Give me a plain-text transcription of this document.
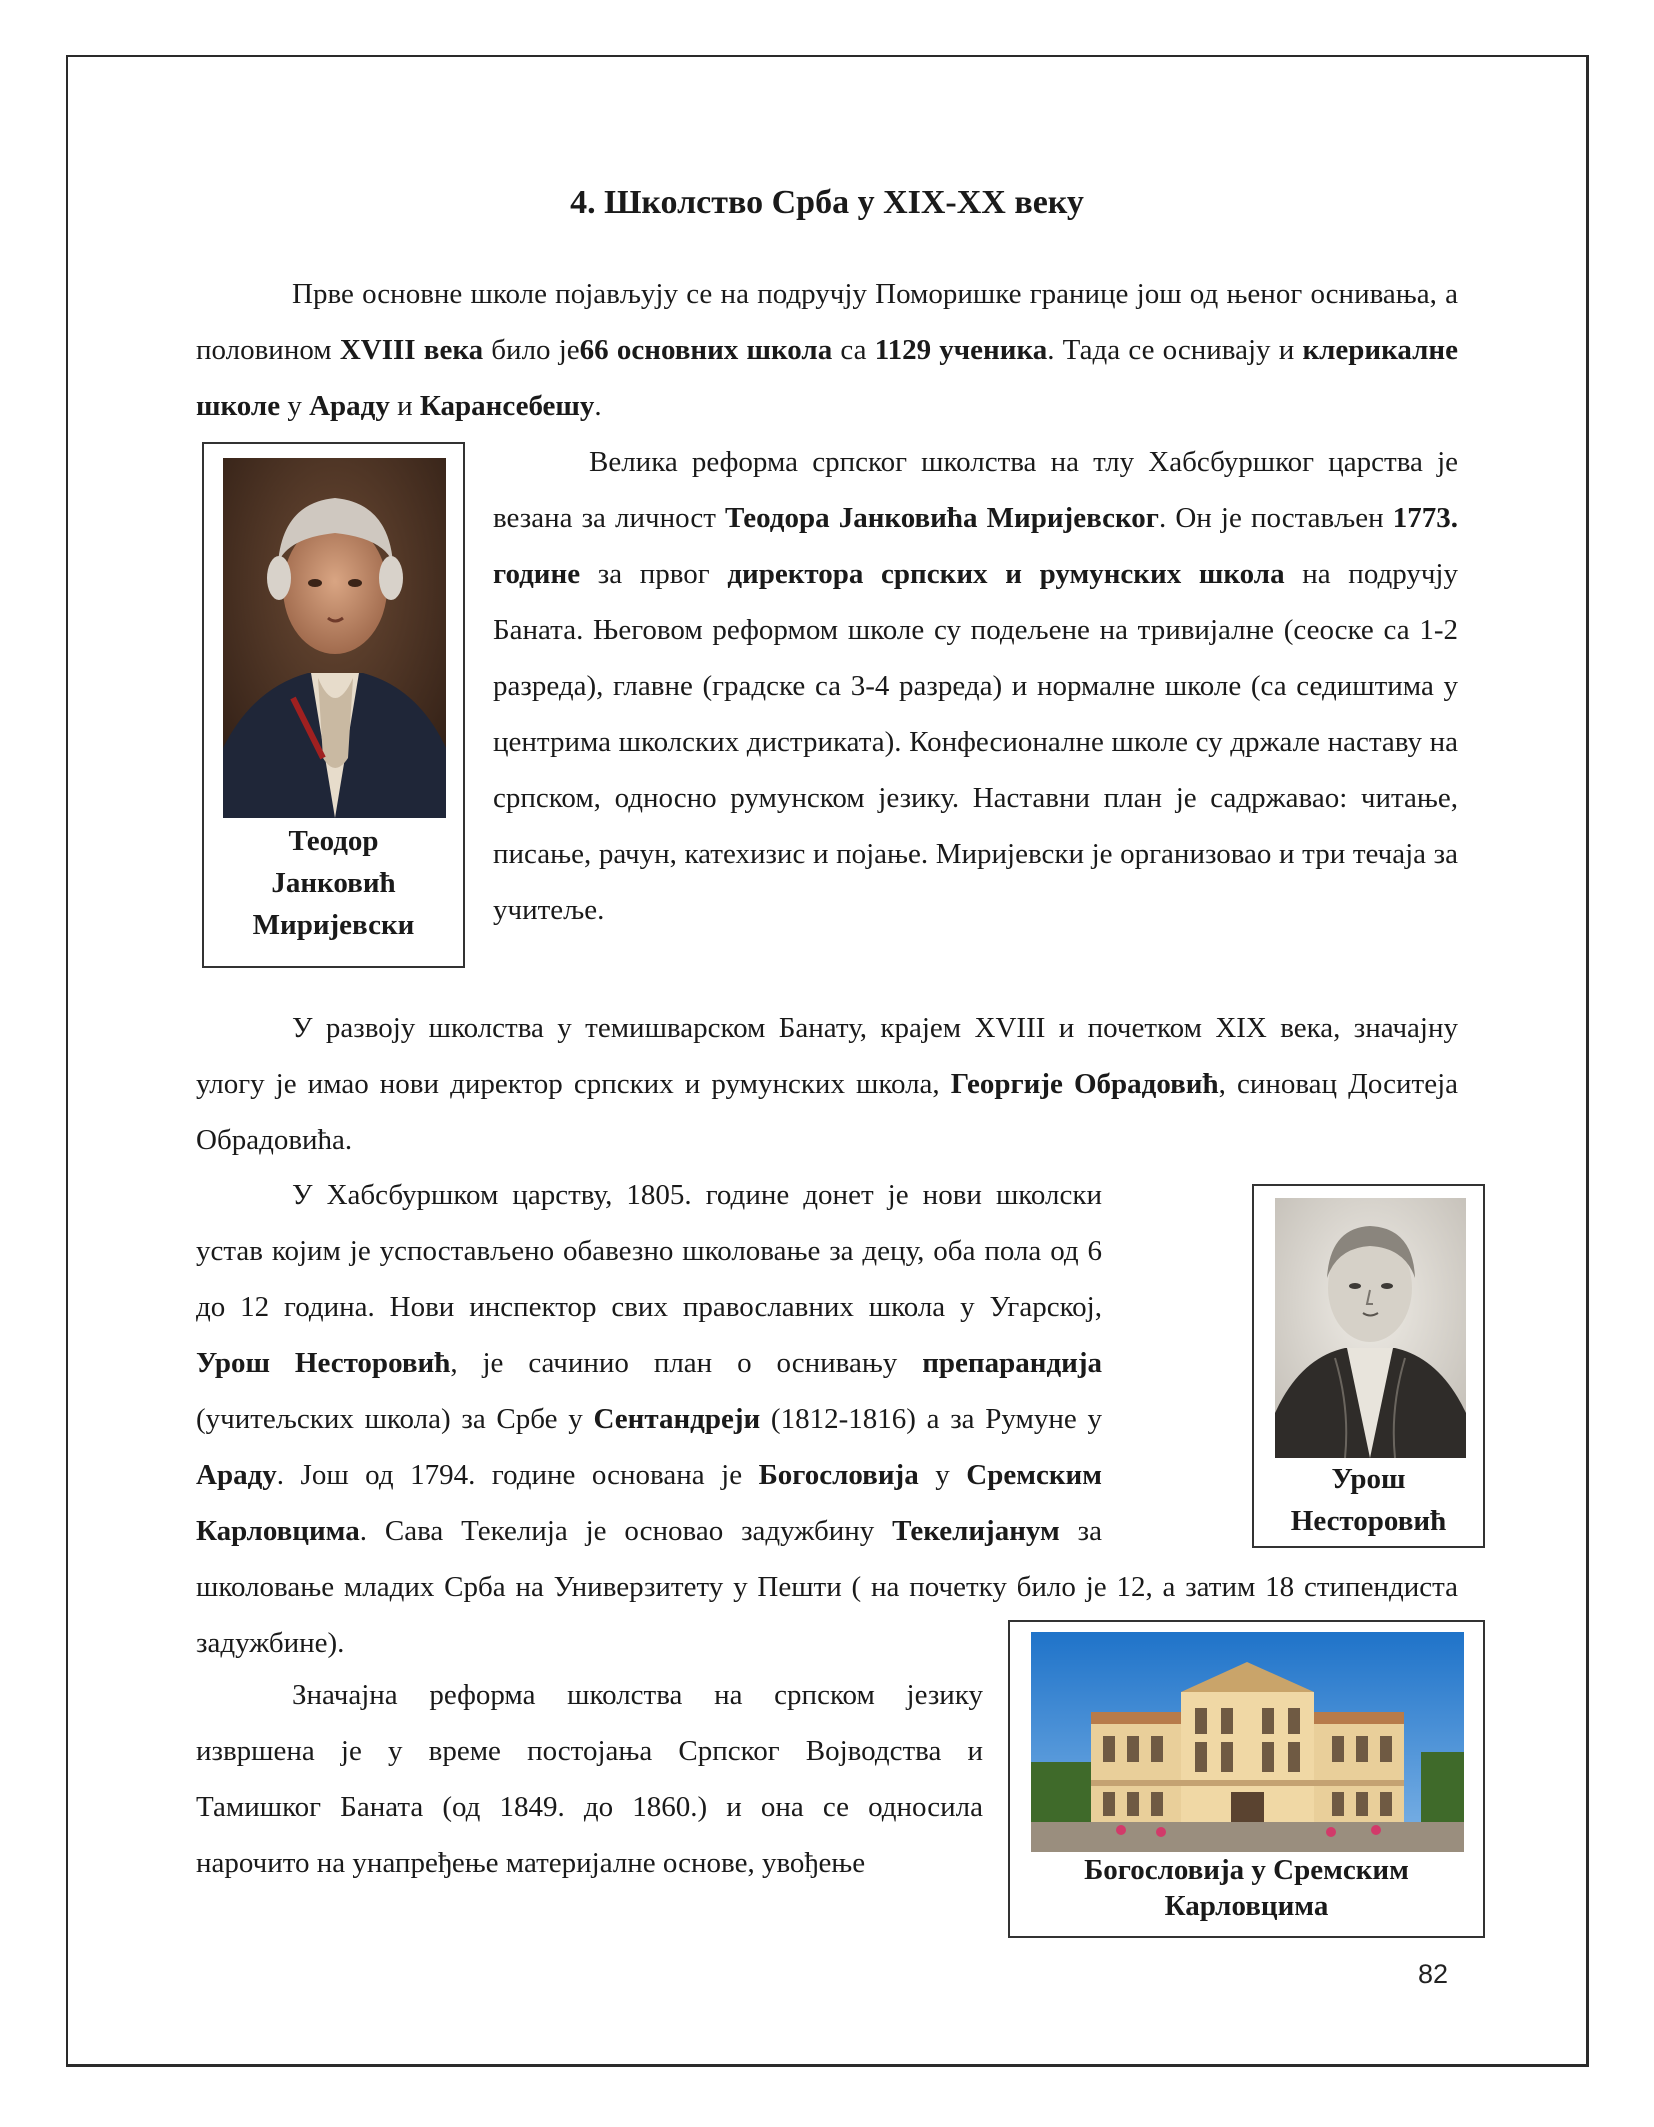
4. Школство Срба у XIX-XX веку

Прве основне школе појављују се на подручју Поморишке границе још од њеног оснивања, а половином XVIII века било је66 основних школа са 1129 ученика. Тада се оснивају и клерикалне школе у Араду и Карансебешу.

Теодор
Јанковић
Миријевски

Велика реформа српског школства на тлу Хабсбуршког царства је везана за личност Теодора Јанковића Миријевског. Он је постављен 1773. године за првог директора српских и румунских школа на подручју Баната. Његовом реформом школе су подељене на тривијалне (сеоске са 1-2 разреда), главне (градске са 3-4 разреда) и нормалне школе (са седиштима у центрима школских дистриката). Конфесионалне школе су држале наставу на српском, односно румунском језику. Наставни план је садржавао: читање, писање, рачун, катехизис и појање. Миријевски је организовао и три течаја за учитеље.

У развоју школства у темишварском Банату, крајем XVIII и почетком XIX века, значајну улогу је имао нови директор српских и румунских школа, Георгије Обрадовић, синовац Доситеја Обрадовића.

Урош
Несторовић

У Хабсбуршком царству, 1805. године донет је нови школски устав којим је успостављено обавезно школовање за децу, оба пола од 6 до 12 година. Нови инспектор свих православних школа у Угарској, Урош Несторовић, је сачинио план о оснивању препарандија (учитељских школа) за Србе у Сентандреји (1812-1816) а за Румуне у Араду. Још од 1794. године основана је Богословија у Сремским Карловцима. Сава Текелија је основао задужбину Текелијанум за школовање младих Срба на Универзитету у Пешти ( на почетку било је 12, а затим 18 стипендиста задужбине).

Богословија у Сремским
Карловцима

Значајна реформа школства на српском језику извршена је у време постојања Српског Војводства и Тамишког Баната (од 1849. до 1860.) и она се односила нарочито на унапређење материјалне основе, увођење

82
